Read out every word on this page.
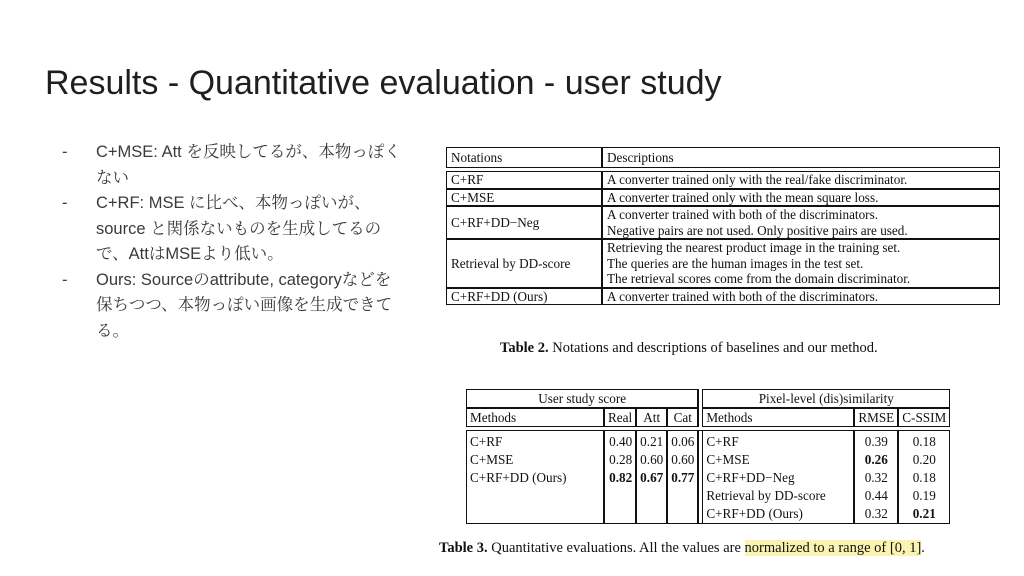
Results - Quantitative evaluation - user study
- C+MSE: Att を反映してるが、本物っぽくない
- C+RF: MSE に比べ、本物っぽいが、source と関係ないものを生成してるので、AttはMSEより低い。
- Ours: Sourceのattribute, categoryなどを保ちつつ、本物っぽい画像を生成できてる。
Notations	Descriptions

C+RF	A converter trained only with the real/fake discriminator.

C+MSE	A converter trained only with the mean square loss.

C+RF+DD−Neg	A converter trained with both of the discriminators.
Negative pairs are not used. Only positive pairs are used.

Retrieval by DD-score	Retrieving the nearest product image in the training set.
The queries are the human images in the test set.
The retrieval scores come from the domain discriminator.

C+RF+DD (Ours)	A converter trained with both of the discriminators.
Table 2. Notations and descriptions of baselines and our method.
User study score					Pixel-level (dis)similarity		
Methods	Real	Att	Cat		Methods	RMSE	C-SSIM

C+RF	0.40	0.21	0.06		C+RF	0.39	0.18
C+MSE	0.28	0.60	0.60		C+MSE	0.26	0.20
C+RF+DD (Ours)	0.82	0.67	0.77		C+RF+DD−Neg	0.32	0.18
					Retrieval by DD-score	0.44	0.19
					C+RF+DD (Ours)	0.32	0.21
Table 3. Quantitative evaluations. All the values are normalized to a range of [0, 1].
